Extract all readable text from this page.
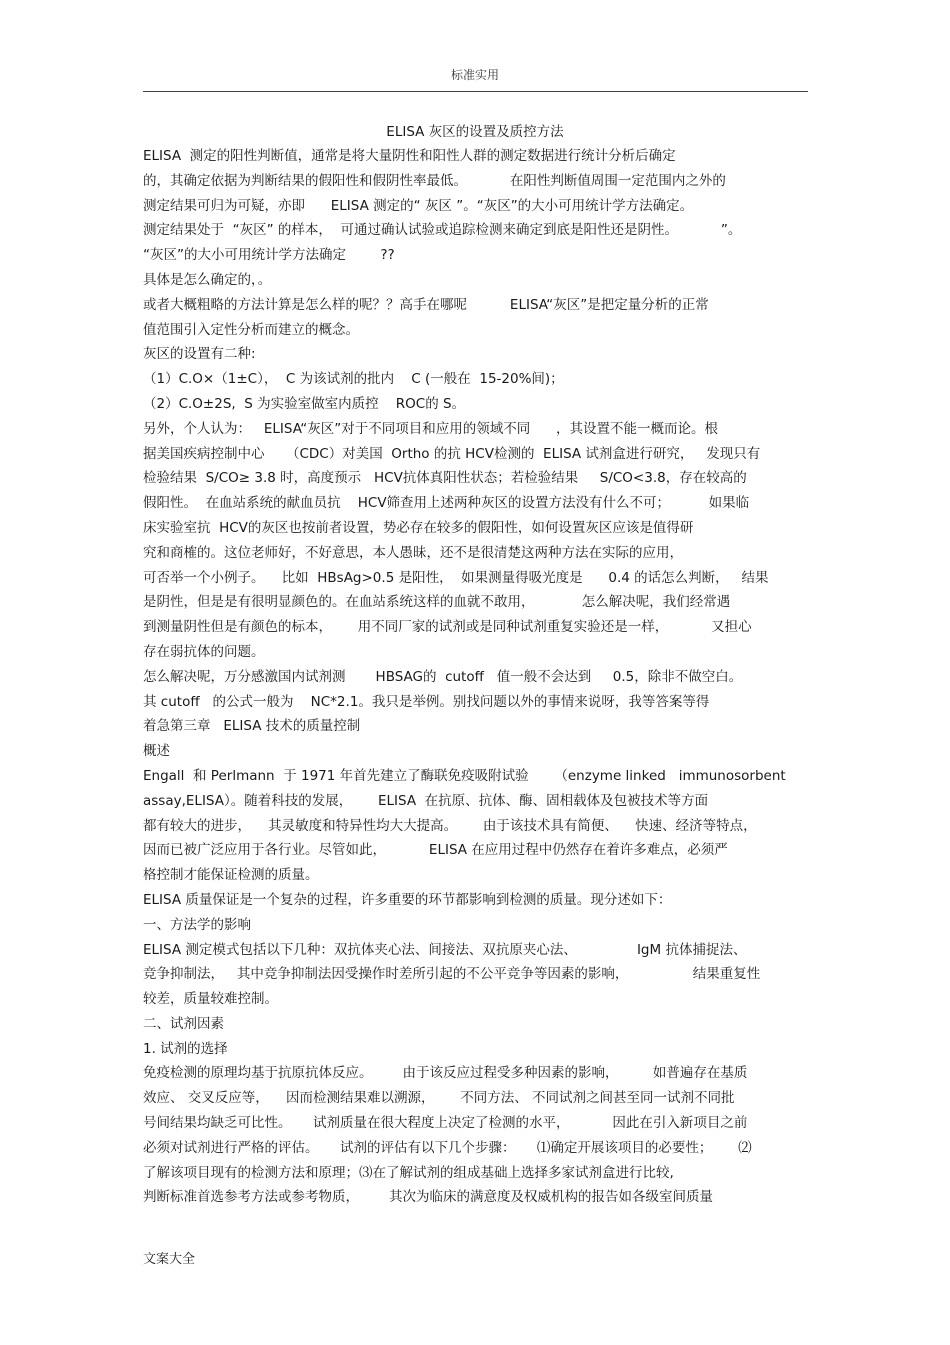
标准实用
ELISA 灰区的设置及质控方法
ELISA  测定的阳性判断值，通常是将大量阴性和阳性人群的测定数据进行统计分析后确定
的，其确定依据为判断结果的假阳性和假阴性率最低。          在阳性判断值周围一定范围内之外的
测定结果可归为可疑，亦即      ELISA 测定的“ 灰区 ”。“灰区”的大小可用统计学方法确定。
测定结果处于  “灰区” 的样本，  可通过确认试验或追踪检测来确定到底是阳性还是阴性。          ”。
“灰区”的大小可用统计学方法确定        ??
具体是怎么确定的，。
或者大概粗略的方法计算是怎么样的呢？？高手在哪呢          ELISA“灰区”是把定量分析的正常
值范围引入定性分析而建立的概念。
灰区的设置有二种:
（1）C.O×（1±C），  C 为该试剂的批内    C (一般在  15-20%间)；
（2）C.O±2S,  S 为实验室做室内质控    ROC的 S。
另外，个人认为：   ELISA“灰区”对于不同项目和应用的领域不同      ，其设置不能一概而论。根
据美国疾病控制中心     （CDC）对美国  Ortho 的抗 HCV检测的  ELISA 试剂盒进行研究，   发现只有
检验结果  S/CO≥ 3.8 时，高度预示   HCV抗体真阳性状态；若检验结果     S/CO<3.8，存在较高的
假阳性。  在血站系统的献血员抗    HCV筛查用上述两种灰区的设置方法没有什么不可；         如果临
床实验室抗  HCV的灰区也按前者设置，势必存在较多的假阳性，如何设置灰区应该是值得研
究和商榷的。这位老师好，不好意思，本人愚昧，还不是很清楚这两种方法在实际的应用，
可否举一个小例子。    比如  HBsAg>0.5 是阳性，  如果测量得吸光度是      0.4 的话怎么判断，   结果
是阴性，但是是有很明显颜色的。在血站系统这样的血就不敢用，           怎么解决呢，我们经常遇
到测量阴性但是有颜色的标本，      用不同厂家的试剂或是同种试剂重复实验还是一样，          又担心
存在弱抗体的问题。
怎么解决呢，万分感激国内试剂测       HBSAG的  cutoff   值一般不会达到     0.5，除非不做空白。
其 cutoff   的公式一般为    NC*2.1。我只是举例。别找问题以外的事情来说呀，我等答案等得
着急第三章   ELISA 技术的质量控制
概述
Engall  和 Perlmann  于 1971 年首先建立了酶联免疫吸附试验      （enzyme linked   immunosorbent
assay,ELISA）。随着科技的发展，      ELISA  在抗原、抗体、酶、固相载体及包被技术等方面
都有较大的进步，    其灵敏度和特异性均大大提高。      由于该技术具有简便、    快速、经济等特点，
因而已被广泛应用于各行业。尽管如此，          ELISA 在应用过程中仍然存在着许多难点，必须严
格控制才能保证检测的质量。
ELISA 质量保证是一个复杂的过程，许多重要的环节都影响到检测的质量。现分述如下：
一、方法学的影响
ELISA 测定模式包括以下几种：双抗体夹心法、间接法、双抗原夹心法、              IgM 抗体捕捉法、
竞争抑制法，   其中竞争抑制法因受操作时差所引起的不公平竞争等因素的影响，               结果重复性
较差，质量较难控制。
二、试剂因素
1. 试剂的选择
免疫检测的原理均基于抗原抗体反应。       由于该反应过程受多种因素的影响，        如普遍存在基质
效应、 交叉反应等，    因而检测结果难以溯源，      不同方法、 不同试剂之间甚至同一试剂不同批
号间结果均缺乏可比性。     试剂质量在很大程度上决定了检测的水平，          因此在引入新项目之前
必须对试剂进行严格的评估。     试剂的评估有以下几个步骤：     ⑴确定开展该项目的必要性；      ⑵
了解该项目现有的检测方法和原理；⑶在了解试剂的组成基础上选择多家试剂盒进行比较,
判断标准首选参考方法或参考物质，       其次为临床的满意度及权威机构的报告如各级室间质量
文案大全
